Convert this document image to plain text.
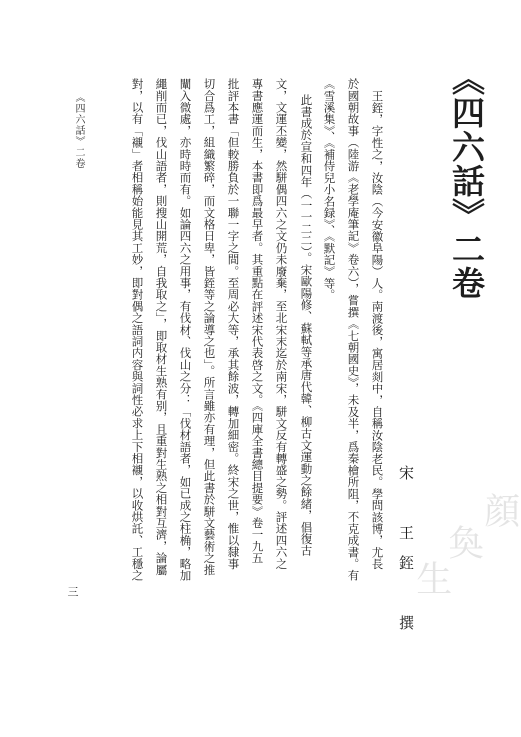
《四六話》二卷
宋　王銍　撰
王銍，字性之，汝陰（今安徽阜陽）人。南渡後，寓居剡中，自稱汝陰老民。學問該博，尤長
於國朝故事（陸游《老學庵筆記》卷六），嘗撰《七朝國史》，未及半，爲秦檜所阻，不克成書。有
《雪溪集》、《補侍兒小名録》、《默記》等。
此書成於宣和四年（一一二二）。宋歐陽修、蘇軾等承唐代韓、柳古文運動之餘緒，倡復古
文，文運丕變，然駢偶四六之文仍未廢棄，至北宋末迄於南宋，駢文反有轉盛之勢。評述四六之
專書應運而生，本書即爲最早者。其重點在評述宋代表啓之文。《四庫全書總目提要》卷一九五
批評本書「但較勝負於一聯一字之間。至周必大等，承其餘波，轉加細密。終宋之世，惟以隸事
切合爲工，組織繁碎，而文格日卑，皆銍等之論導之也」。所言雖亦有理，但此書於駢文藝術之推
闡入微處，亦時時而有。如論四六之用事，有伐材、伐山之分：「伐材語者，如已成之柱桷，略加
繩削而已，伐山語者，則搜山開荒，自我取之」，即取材生熟有别，且重對生熟之相對互濟，論屬
對，以有「襯」者相稱始能見其工妙，即對偶之語詞内容與詞性必求上下相襯，以收烘託、工穩之
《四六話》二卷
三
顔
奐
生
